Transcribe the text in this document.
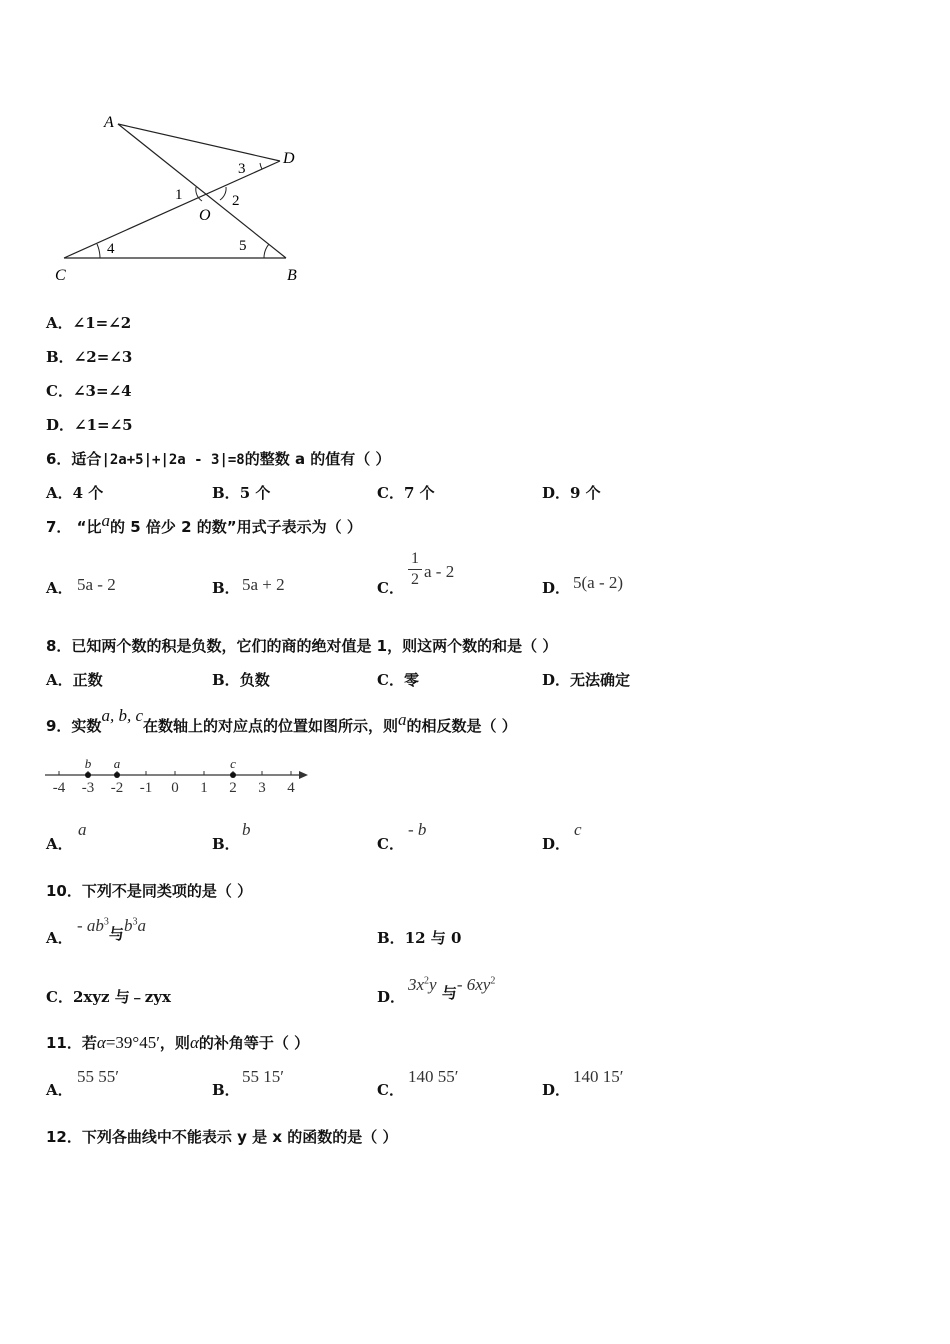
A
D
O
C	B
3
1	2
4	5
A．∠1=∠2
B．∠2=∠3
C．∠3=∠4
D．∠1=∠5
6．适合|2a+5|+|2a - 3|=8的整数 a 的值有（ ）
A．4 个	B．5 个	C．7 个	D．9 个
7． “比a的 5 倍少 2 的数”用式子表示为（ ）
A． 5a - 2	B． 5a + 2	C．
1
2 a - 2
D． 5(a - 2)
8．已知两个数的积是负数，它们的商的绝对值是 1，则这两个数的和是（ ）
A．正数	B．负数	C．零	D．无法确定
9．实数a, b, c在数轴上的对应点的位置如图所示，则a的相反数是（ ）
-4 -3 -2 -1 0 1 2 3 4
b a	c
A．
a
B．
b
C．
- b
D．
c
10．下列不是同类项的是（ ）
A．
- $ab^3$与$b^3a$
B．12 与 0
C．2xyz 与﹣zyx	D．
$3x^2y$ 与- $6xy^2$
11．若α=39°45′，则α的补角等于（ ）
A．
55 55′
B．
55 15′
C．
140 55′
D．
140 15′
12．下列各曲线中不能表示 y 是 x 的函数的是（ ）
